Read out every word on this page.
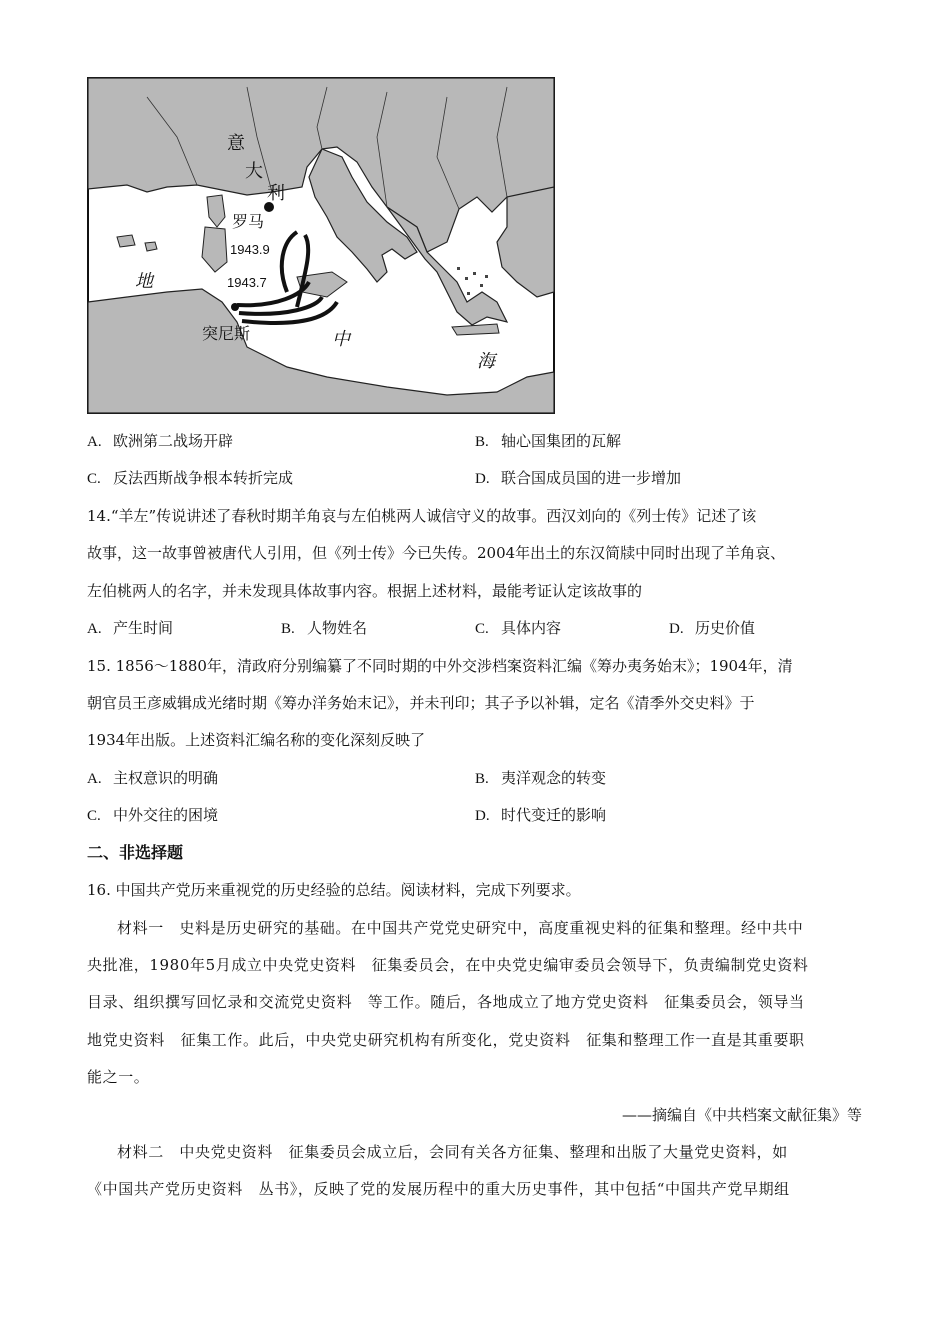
意
大
利
罗马
1943.9
1943.7
地
突尼斯	中
海
A. 欧洲第二战场开辟	B. 轴心国集团的瓦解
C. 反法西斯战争根本转折完成	D. 联合国成员国的进一步增加
14.“羊左”传说讲述了春秋时期羊角哀与左伯桃两人诚信守义的故事。西汉刘向的《列士传》记述了该
故事，这一故事曾被唐代人引用，但《列士传》今已失传。2004年出土的东汉简牍中同时出现了羊角哀、
左伯桃两人的名字，并未发现具体故事内容。根据上述材料，最能考证认定该故事的
A. 产生时间	B. 人物姓名	C. 具体内容	D. 历史价值
15. 1856～1880年，清政府分别编纂了不同时期的中外交涉档案资料汇编《筹办夷务始末》；1904年，清
朝官员王彦威辑成光绪时期《筹办洋务始末记》，并未刊印；其子予以补辑，定名《清季外交史料》于
1934年出版。上述资料汇编名称的变化深刻反映了
A. 主权意识的明确	B. 夷洋观念的转变
C. 中外交往的困境	D. 时代变迁的影响
二、非选择题
16. 中国共产党历来重视党的历史经验的总结。阅读材料，完成下列要求。
材料一　史料是历史研究的基础。在中国共产党党史研究中，高度重视史料的征集和整理。经中共中
央批准，1980年5月成立中央党史资料　征集委员会，在中央党史编审委员会领导下，负责编制党史资料
目录、组织撰写回忆录和交流党史资料　等工作。随后，各地成立了地方党史资料　征集委员会，领导当
地党史资料　征集工作。此后，中央党史研究机构有所变化，党史资料　征集和整理工作一直是其重要职
能之一。
——摘编自《中共档案文献征集》等
材料二　中央党史资料　征集委员会成立后，会同有关各方征集、整理和出版了大量党史资料，如
《中国共产党历史资料　丛书》，反映了党的发展历程中的重大历史事件，其中包括“中国共产党早期组
